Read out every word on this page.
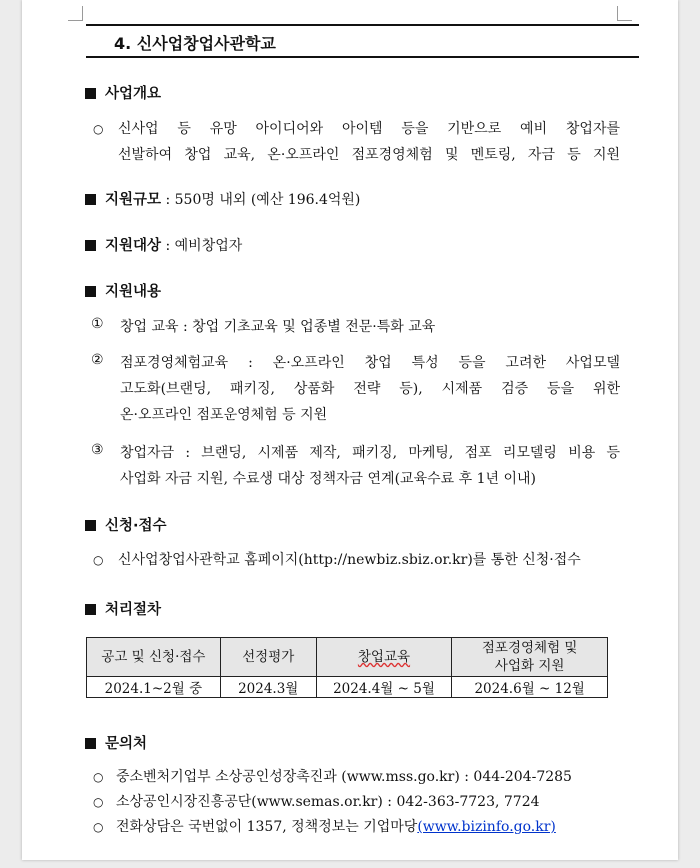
4. 신사업창업사관학교
사업개요
○ 신사업 등 유망 아이디어와 아이템 등을 기반으로 예비 창업자를
선발하여 창업 교육, 온·오프라인 점포경영체험 및 멘토링, 자금 등 지원
지원규모 : 550명 내외 (예산 196.4억원)
지원대상 : 예비창업자
지원내용
① 창업 교육 : 창업 기초교육 및 업종별 전문·특화 교육
② 점포경영체험교육 : 온·오프라인 창업 특성 등을 고려한 사업모델
고도화(브랜딩, 패키징, 상품화 전략 등), 시제품 검증 등을 위한
온·오프라인 점포운영체험 등 지원
③ 창업자금 : 브랜딩, 시제품 제작, 패키징, 마케팅, 점포 리모델링 비용 등
사업화 자금 지원, 수료생 대상 정책자금 연계(교육수료 후 1년 이내)
신청·접수
○ 신사업창업사관학교 홈페이지(http://newbiz.sbiz.or.kr)를 통한 신청·접수
처리절차
공고 및 신청·접수	선정평가	창업교육	점포경영체험 및
사업화 지원
2024.1~2월 중	2024.3월	2024.4월 ~ 5월	2024.6월 ~ 12월
문의처
○ 중소벤처기업부 소상공인성장촉진과 (www.mss.go.kr) : 044-204-7285
○ 소상공인시장진흥공단(www.semas.or.kr) : 042-363-7723, 7724
○ 전화상담은 국번없이 1357, 정책정보는 기업마당(www.bizinfo.go.kr)
